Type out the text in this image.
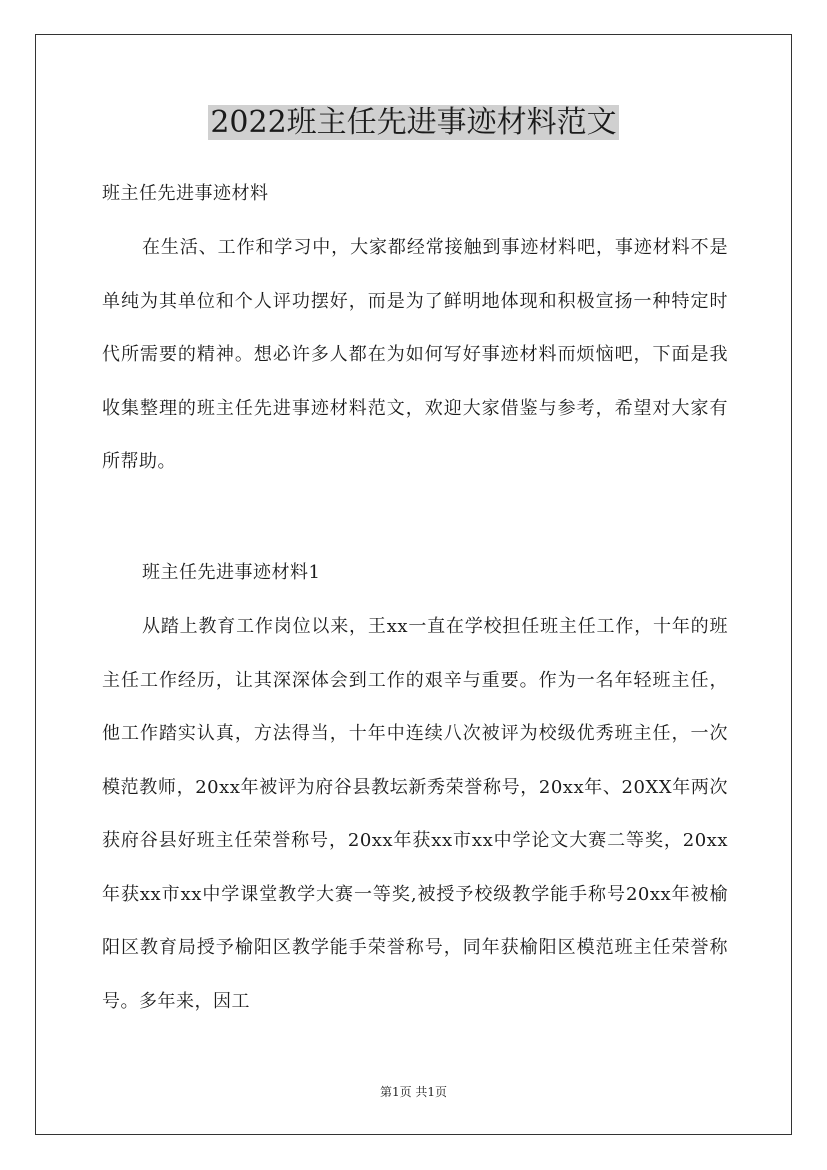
2022班主任先进事迹材料范文
班主任先进事迹材料
在生活、工作和学习中，大家都经常接触到事迹材料吧，事迹材料不是单纯为其单位和个人评功摆好，而是为了鲜明地体现和积极宣扬一种特定时代所需要的精神。想必许多人都在为如何写好事迹材料而烦恼吧，下面是我收集整理的班主任先进事迹材料范文，欢迎大家借鉴与参考，希望对大家有所帮助。
班主任先进事迹材料1
从踏上教育工作岗位以来，王xx一直在学校担任班主任工作，十年的班主任工作经历，让其深深体会到工作的艰辛与重要。作为一名年轻班主任，他工作踏实认真，方法得当，十年中连续八次被评为校级优秀班主任，一次模范教师，20xx年被评为府谷县教坛新秀荣誉称号，20xx年、20XX年两次获府谷县好班主任荣誉称号，20xx年获xx市xx中学论文大赛二等奖，20xx年获xx市xx中学课堂教学大赛一等奖,被授予校级教学能手称号20xx年被榆阳区教育局授予榆阳区教学能手荣誉称号，同年获榆阳区模范班主任荣誉称号。多年来，因工
第1页 共1页
